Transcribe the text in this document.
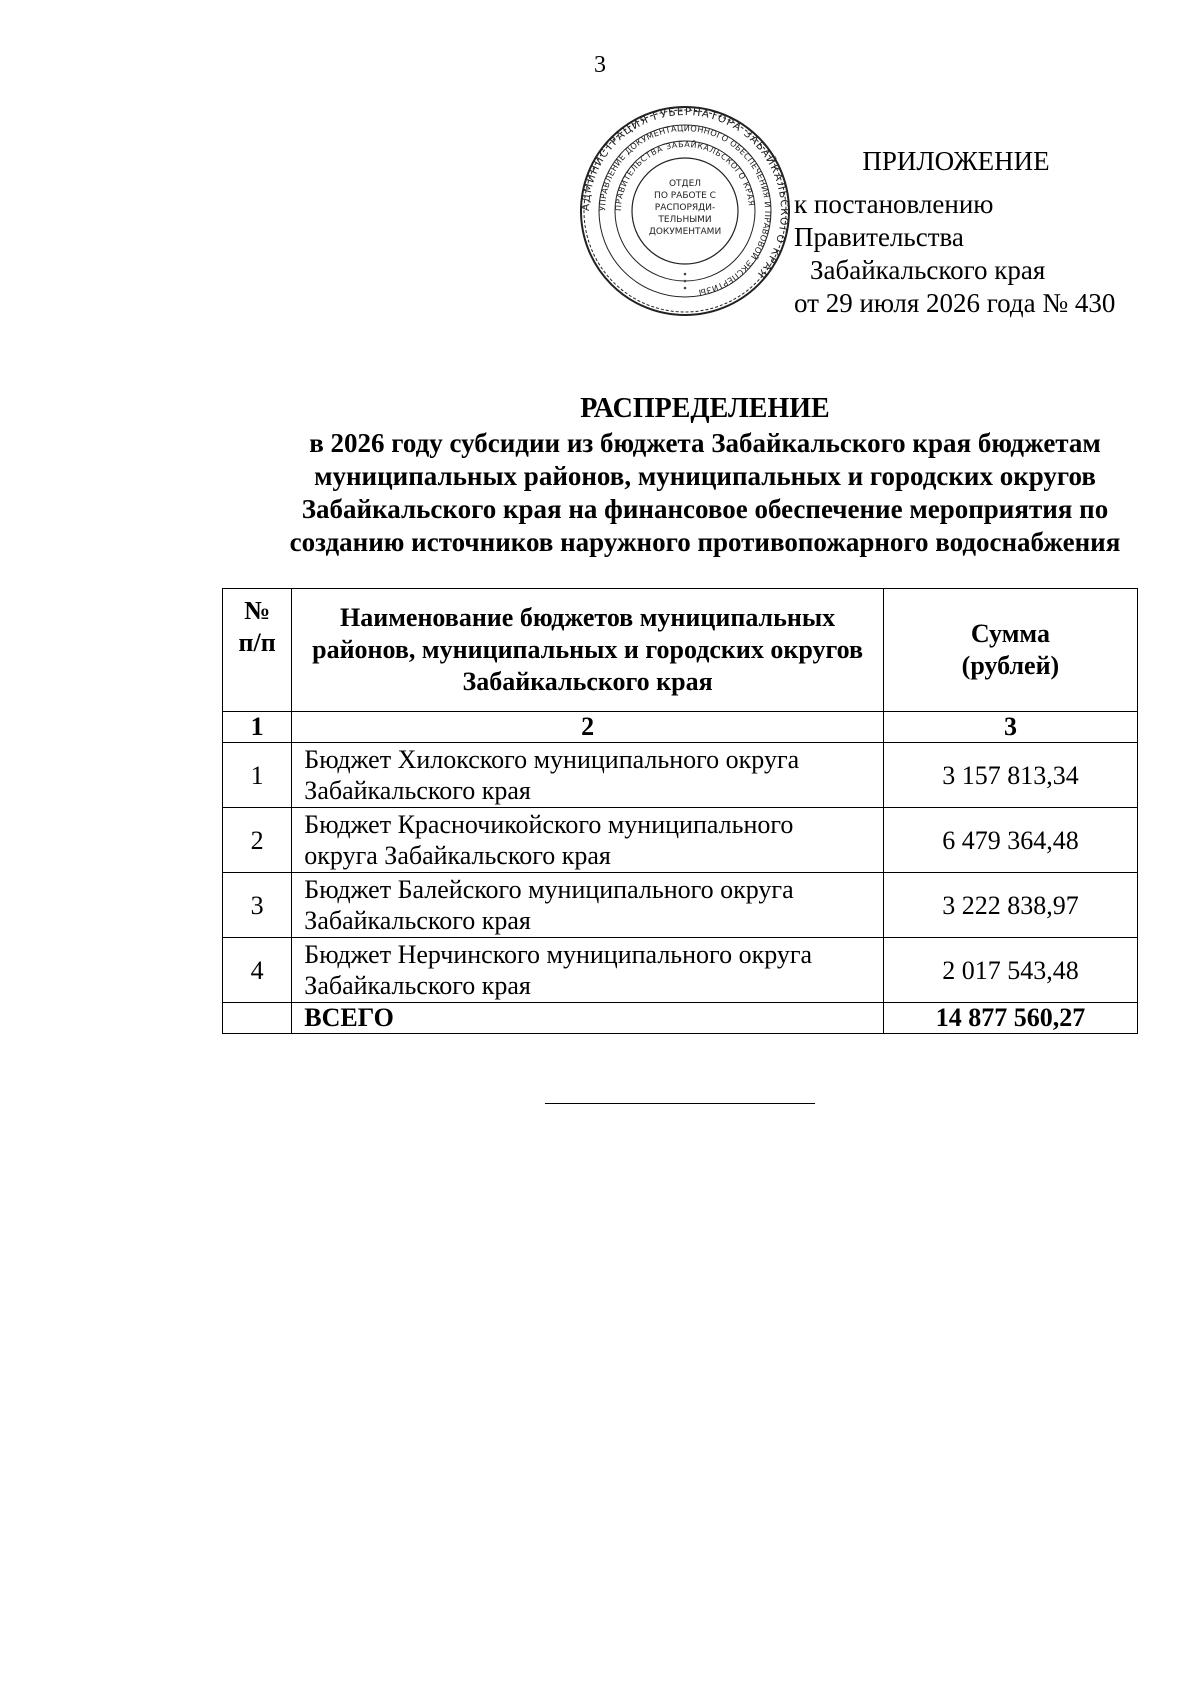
3
АДМИНИСТРАЦИЯ ГУБЕРНАТОРА ЗАБАЙКАЛЬСКОГО КРАЯ
УПРАВЛЕНИЕ ДОКУМЕНТАЦИОННОГО ОБЕСПЕЧЕНИЯ И ПРАВОВОЙ ЭКСПЕРТИЗЫ
ПРАВИТЕЛЬСТВА ЗАБАЙКАЛЬСКОГО КРАЯ
ОТДЕЛ
ПО РАБОТЕ С
РАСПОРЯДИ-
ТЕЛЬНЫМИ
ДОКУМЕНТАМИ
ПРИЛОЖЕНИЕ
к постановлению Правительства
Забайкальского края
от 29 июля 2026 года № 430
РАСПРЕДЕЛЕНИЕ
в 2026 году субсидии из бюджета Забайкальского края бюджетам
муниципальных районов, муниципальных и городских округов
Забайкальского края на финансовое обеспечение мероприятия по
созданию источников наружного противопожарного водоснабжения
№
п/п	Наименование бюджетов муниципальных районов, муниципальных и городских округов Забайкальского края	Сумма
(рублей)
1	2	3
1	Бюджет Хилокского муниципального округа Забайкальского края	3 157 813,34
2	Бюджет Красночикойского муниципального округа Забайкальского края	6 479 364,48
3	Бюджет Балейского муниципального округа Забайкальского края	3 222 838,97
4	Бюджет Нерчинского муниципального округа Забайкальского края	2 017 543,48
	ВСЕГО	14 877 560,27
